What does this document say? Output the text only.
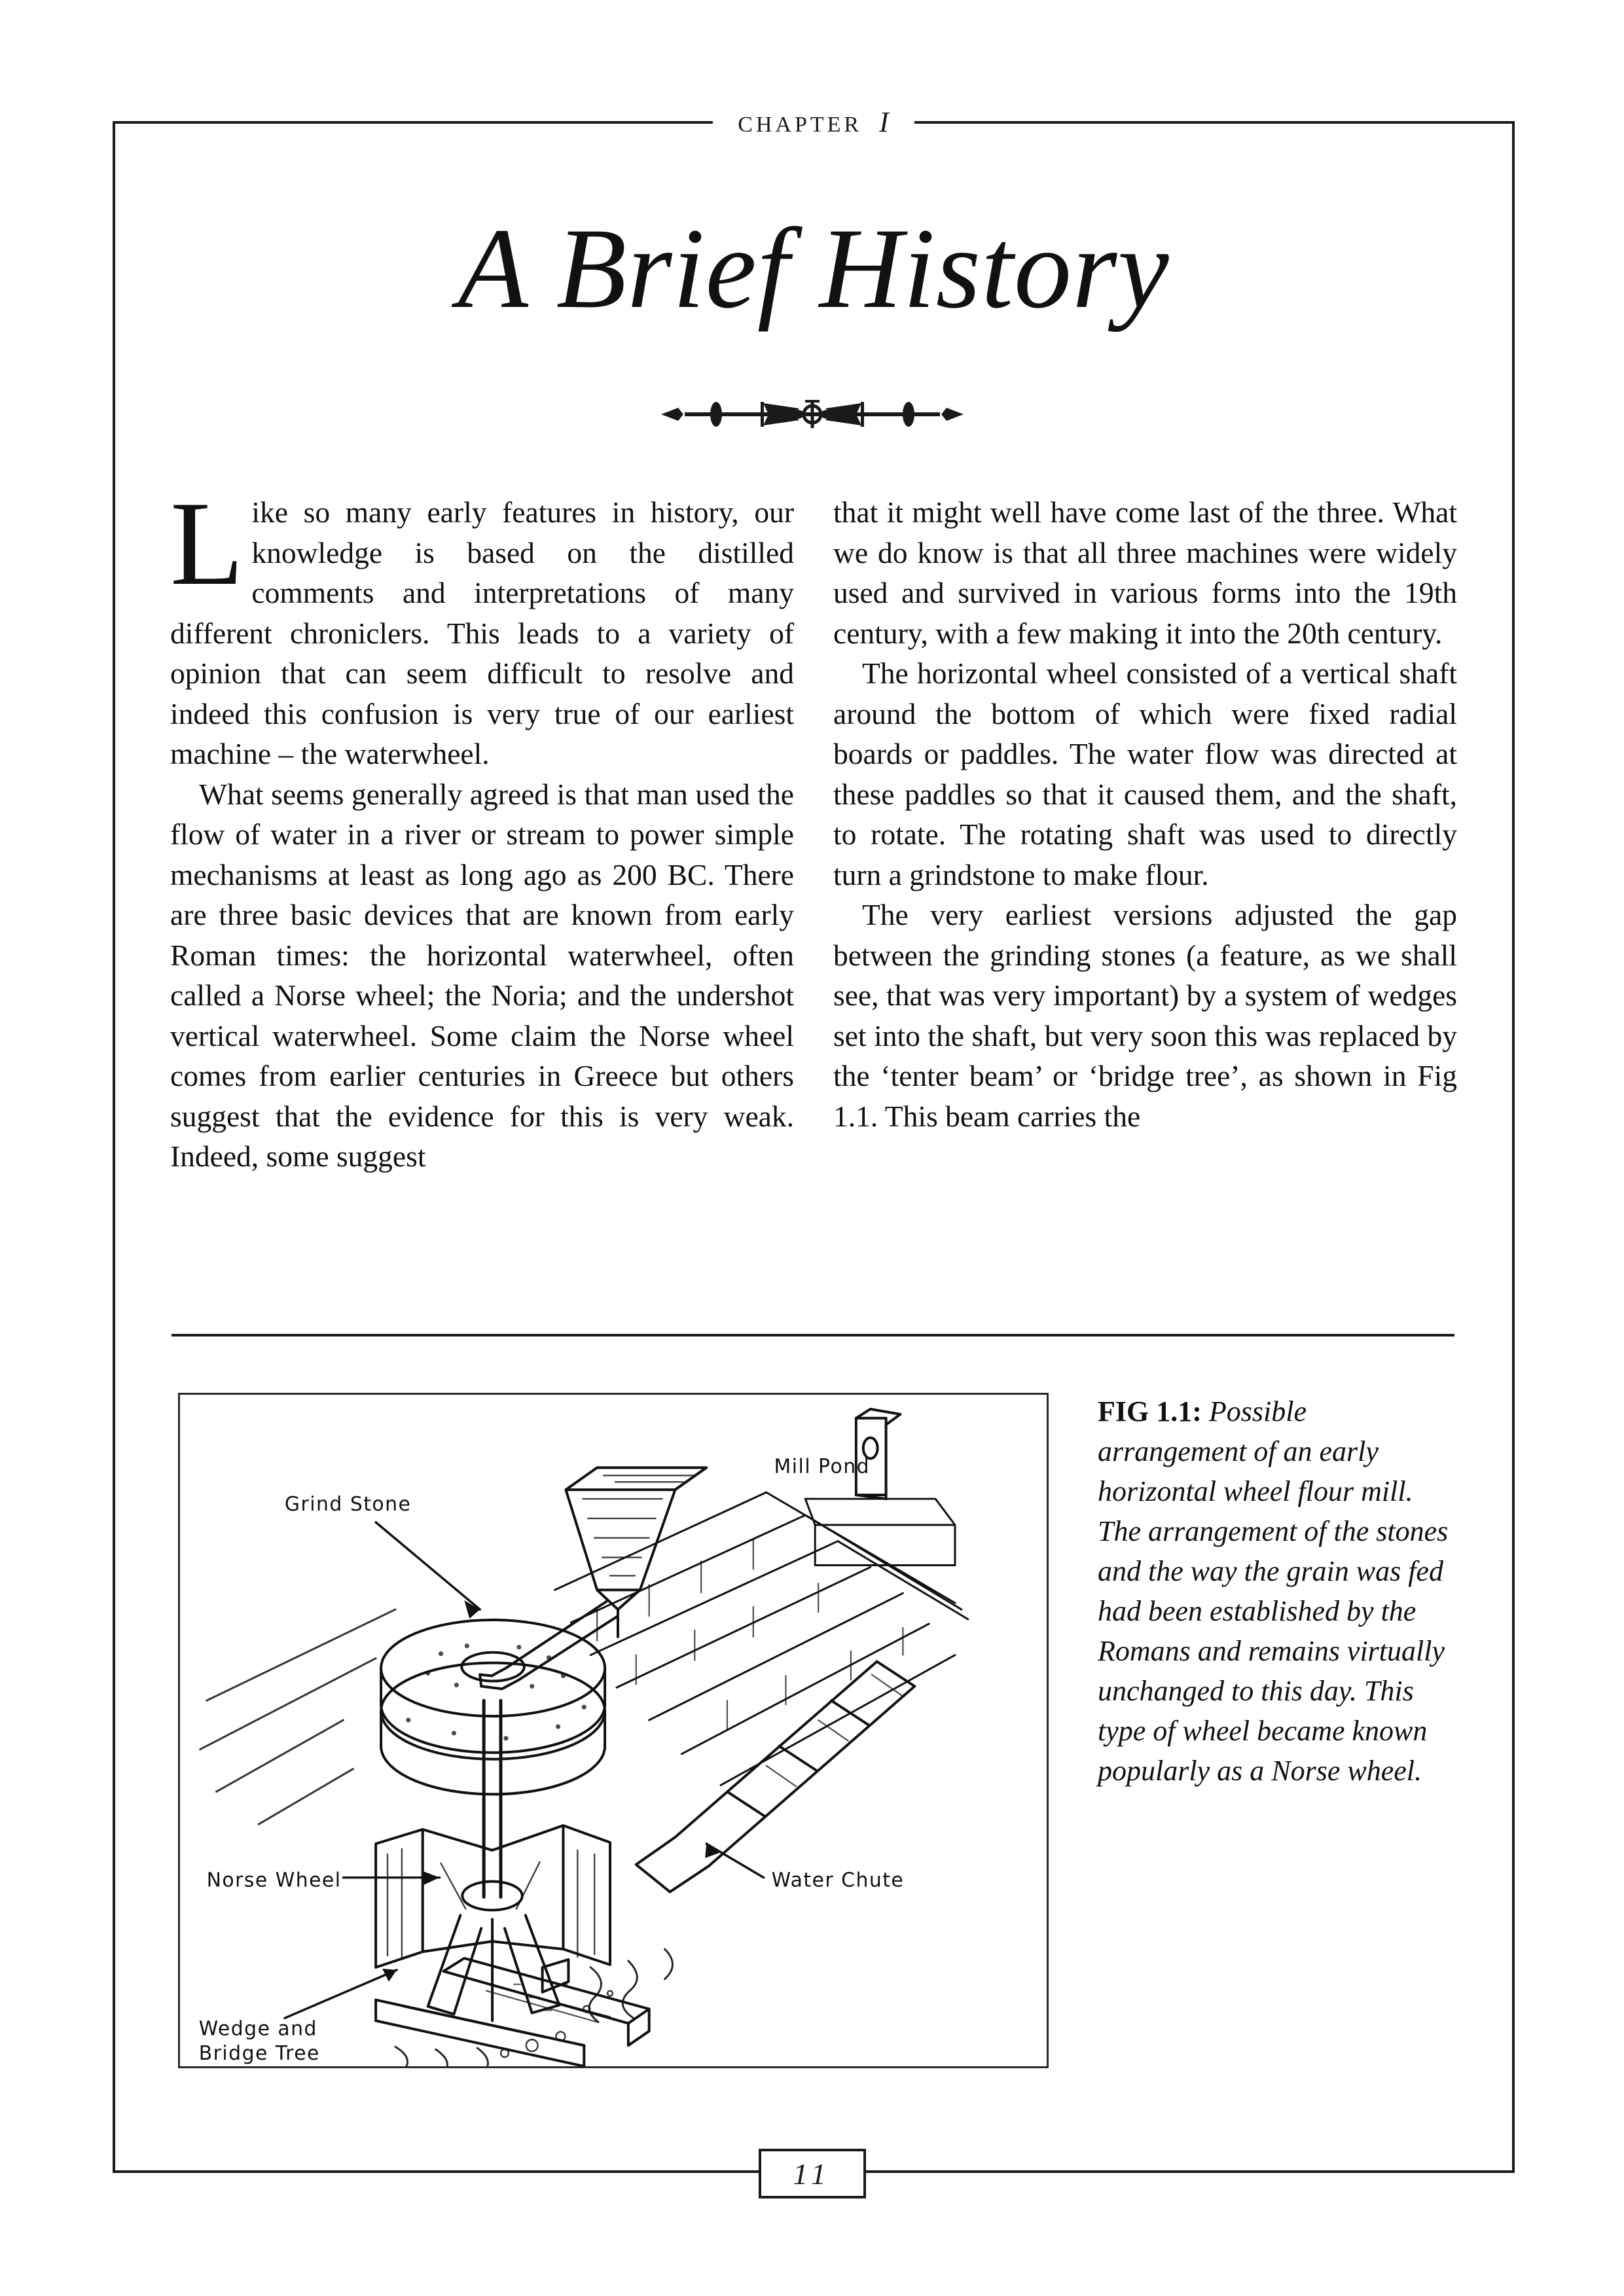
chapter I
A Brief History

Like so many early features in history, our knowledge is based on the distilled comments and interpretations of many different chroniclers. This leads to a variety of opinion that can seem difficult to resolve and indeed this confusion is very true of our earliest machine – the waterwheel.

What seems generally agreed is that man used the flow of water in a river or stream to power simple mechanisms at least as long ago as 200 BC. There are three basic devices that are known from early Roman times: the horizontal waterwheel, often called a Norse wheel; the Noria; and the undershot vertical waterwheel. Some claim the Norse wheel comes from earlier centuries in Greece but others suggest that the evidence for this is very weak. Indeed, some suggest

that it might well have come last of the three. What we do know is that all three machines were widely used and survived in various forms into the 19th century, with a few making it into the 20th century.

The horizontal wheel consisted of a vertical shaft around the bottom of which were fixed radial boards or paddles. The water flow was directed at these paddles so that it caused them, and the shaft, to rotate. The rotating shaft was used to directly turn a grindstone to make flour.

The very earliest versions adjusted the gap between the grinding stones (a feature, as we shall see, that was very important) by a system of wedges set into the shaft, but very soon this was replaced by the ‘tenter beam’ or ‘bridge tree’, as shown in Fig 1.1. This beam carries the

Grind Stone
Mill Pond
Norse Wheel	Water Chute
Wedge and
Bridge Tree
FIG 1.1: Possible arrangement of an early horizontal wheel flour mill. The arrangement of the stones and the way the grain was fed had been established by the Romans and remains virtually unchanged to this day. This type of wheel became known popularly as a Norse wheel.
11
